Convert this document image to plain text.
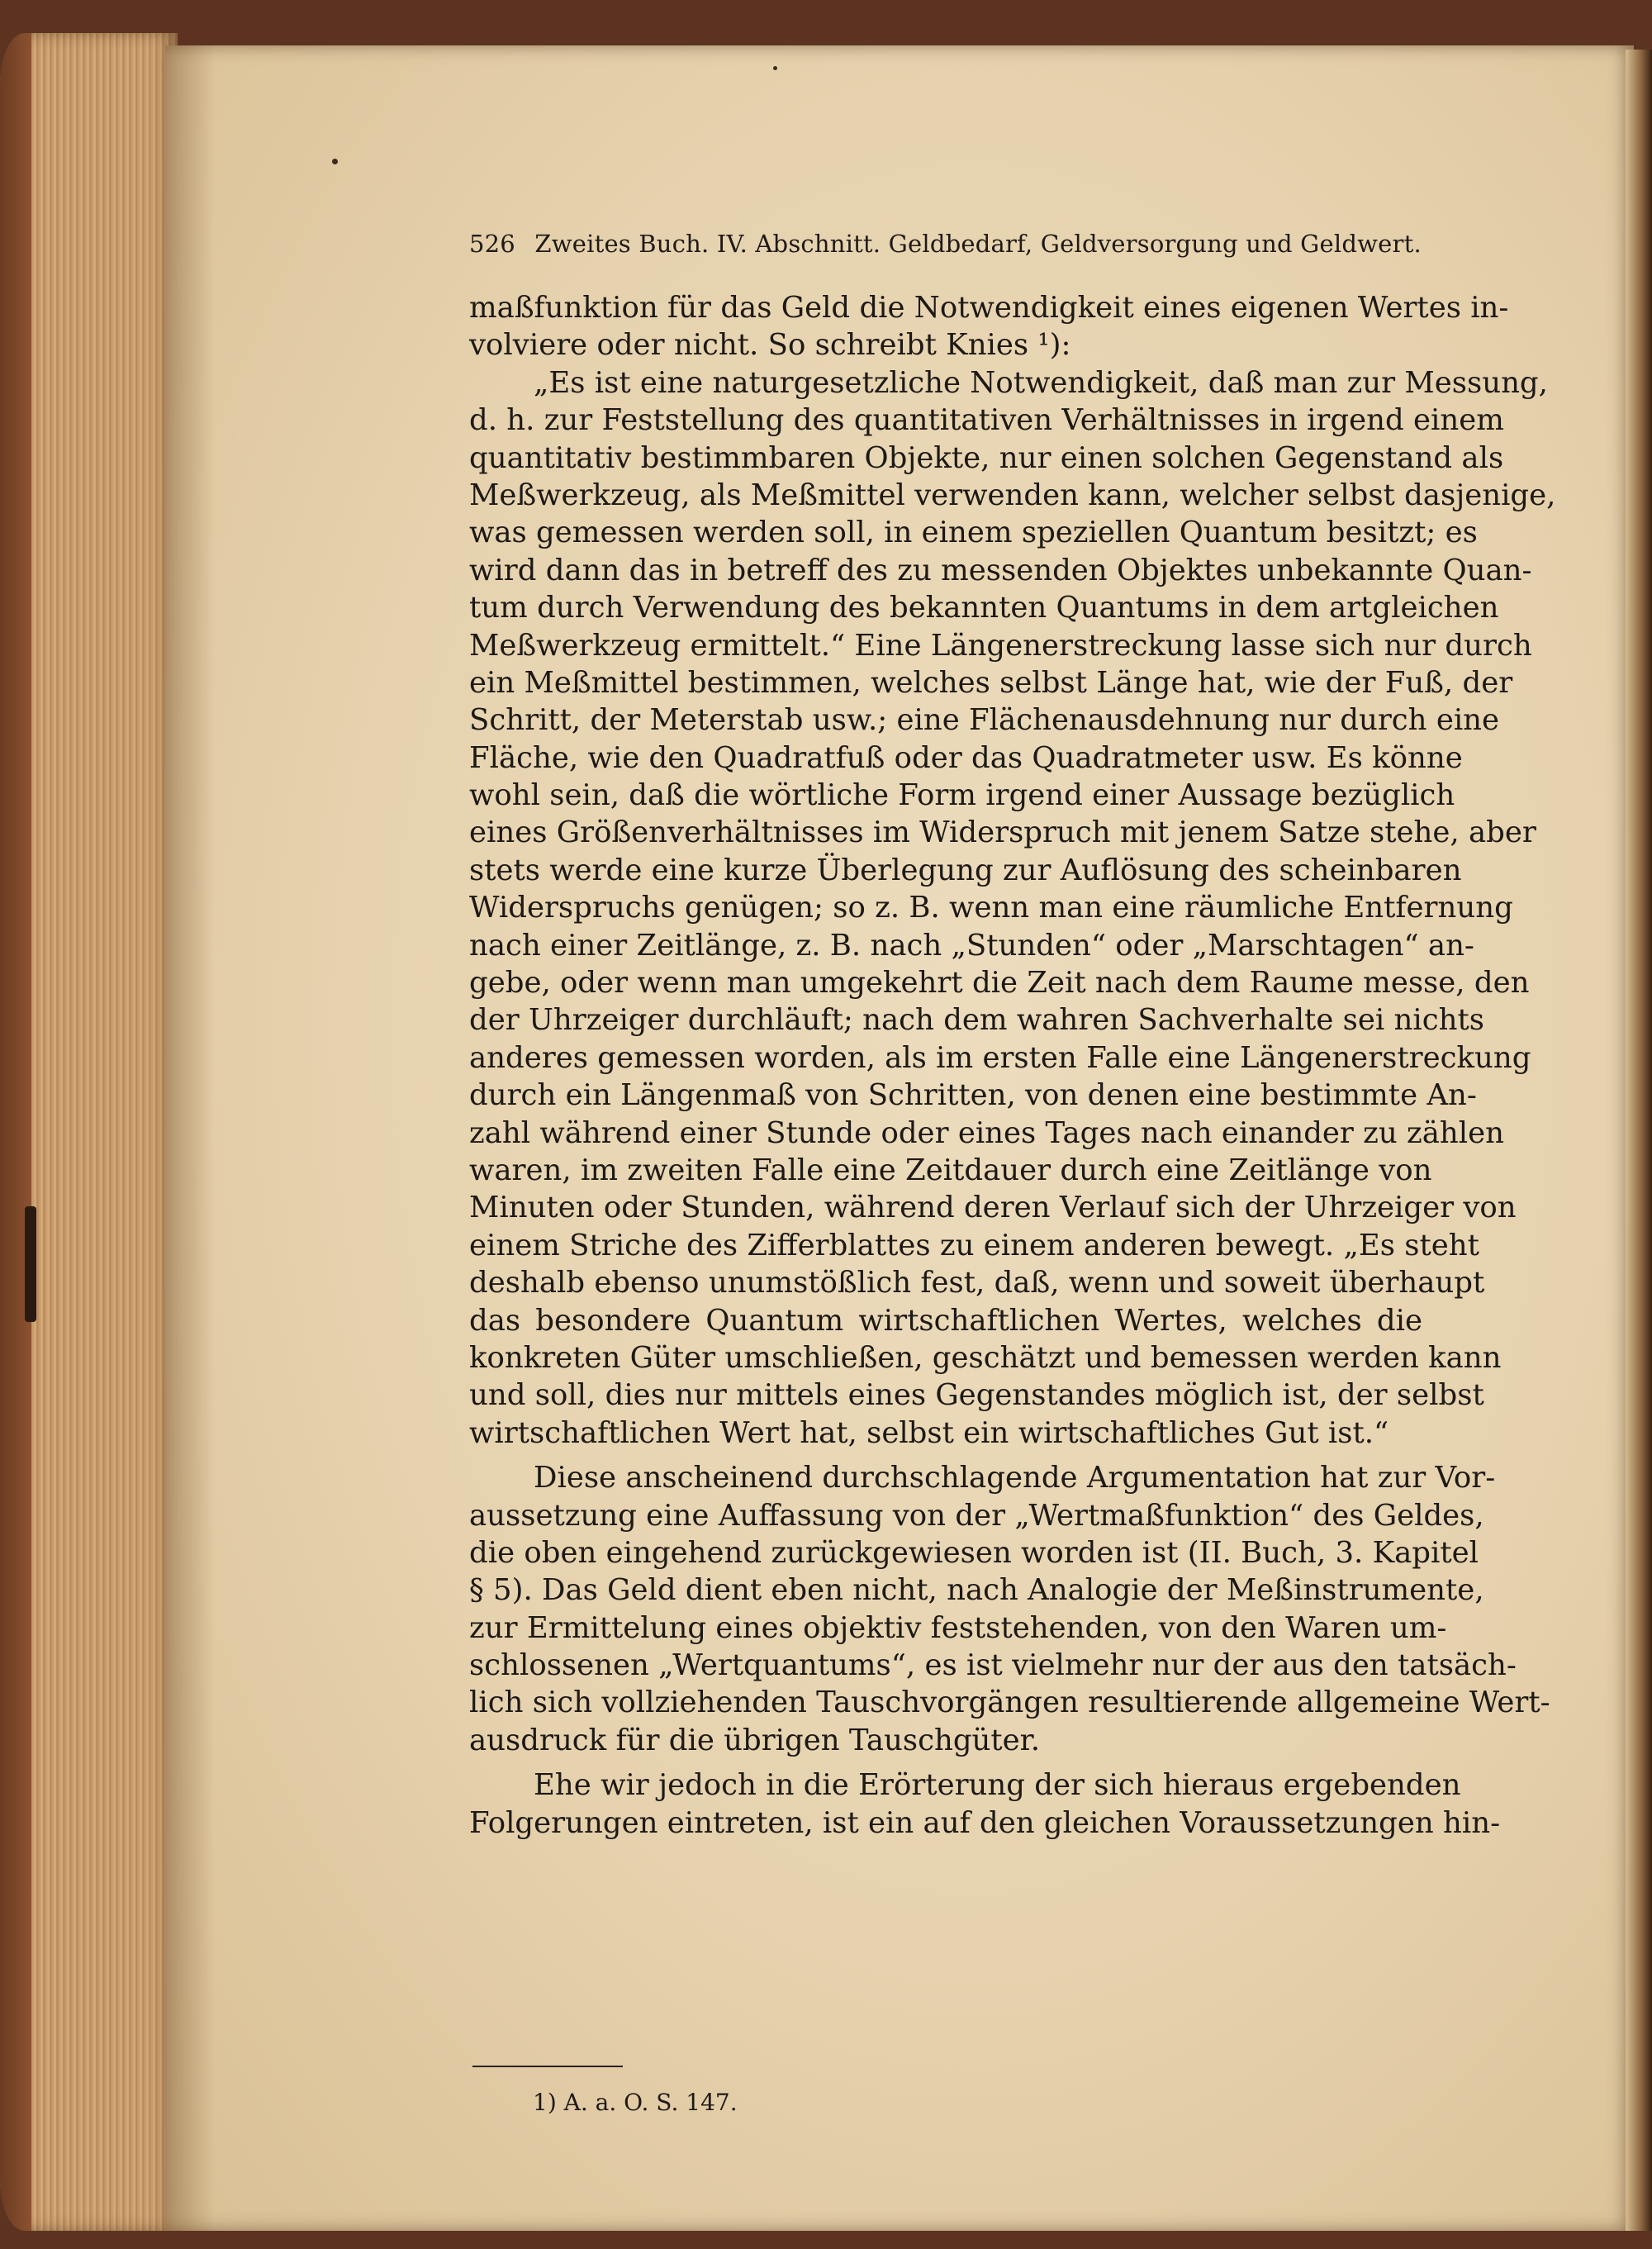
526 Zweites Buch. IV. Abschnitt. Geldbedarf, Geldversorgung und Geldwert.
maßfunktion für das Geld die Notwendigkeit eines eigenen Wertes in-
volviere oder nicht. So schreibt Knies ¹):
„Es ist eine naturgesetzliche Notwendigkeit, daß man zur Messung,
d. h. zur Feststellung des quantitativen Verhältnisses in irgend einem
quantitativ bestimmbaren Objekte, nur einen solchen Gegenstand als
Meßwerkzeug, als Meßmittel verwenden kann, welcher selbst dasjenige,
was gemessen werden soll, in einem speziellen Quantum besitzt; es
wird dann das in betreff des zu messenden Objektes unbekannte Quan-
tum durch Verwendung des bekannten Quantums in dem artgleichen
Meßwerkzeug ermittelt.“ Eine Längenerstreckung lasse sich nur durch
ein Meßmittel bestimmen, welches selbst Länge hat, wie der Fuß, der
Schritt, der Meterstab usw.; eine Flächenausdehnung nur durch eine
Fläche, wie den Quadratfuß oder das Quadratmeter usw. Es könne
wohl sein, daß die wörtliche Form irgend einer Aussage bezüglich
eines Größenverhältnisses im Widerspruch mit jenem Satze stehe, aber
stets werde eine kurze Überlegung zur Auflösung des scheinbaren
Widerspruchs genügen; so z. B. wenn man eine räumliche Entfernung
nach einer Zeitlänge, z. B. nach „Stunden“ oder „Marschtagen“ an-
gebe, oder wenn man umgekehrt die Zeit nach dem Raume messe, den
der Uhrzeiger durchläuft; nach dem wahren Sachverhalte sei nichts
anderes gemessen worden, als im ersten Falle eine Längenerstreckung
durch ein Längenmaß von Schritten, von denen eine bestimmte An-
zahl während einer Stunde oder eines Tages nach einander zu zählen
waren, im zweiten Falle eine Zeitdauer durch eine Zeitlänge von
Minuten oder Stunden, während deren Verlauf sich der Uhrzeiger von
einem Striche des Zifferblattes zu einem anderen bewegt. „Es steht
deshalb ebenso unumstößlich fest, daß, wenn und soweit überhaupt
das besondere Quantum wirtschaftlichen Wertes, welches die
konkreten Güter umschließen, geschätzt und bemessen werden kann
und soll, dies nur mittels eines Gegenstandes möglich ist, der selbst
wirtschaftlichen Wert hat, selbst ein wirtschaftliches Gut ist.“
Diese anscheinend durchschlagende Argumentation hat zur Vor-
aussetzung eine Auffassung von der „Wertmaßfunktion“ des Geldes,
die oben eingehend zurückgewiesen worden ist (II. Buch, 3. Kapitel
§ 5). Das Geld dient eben nicht, nach Analogie der Meßinstrumente,
zur Ermittelung eines objektiv feststehenden, von den Waren um-
schlossenen „Wertquantums“, es ist vielmehr nur der aus den tatsäch-
lich sich vollziehenden Tauschvorgängen resultierende allgemeine Wert-
ausdruck für die übrigen Tauschgüter.
Ehe wir jedoch in die Erörterung der sich hieraus ergebenden
Folgerungen eintreten, ist ein auf den gleichen Voraussetzungen hin-
1) A. a. O. S. 147.
